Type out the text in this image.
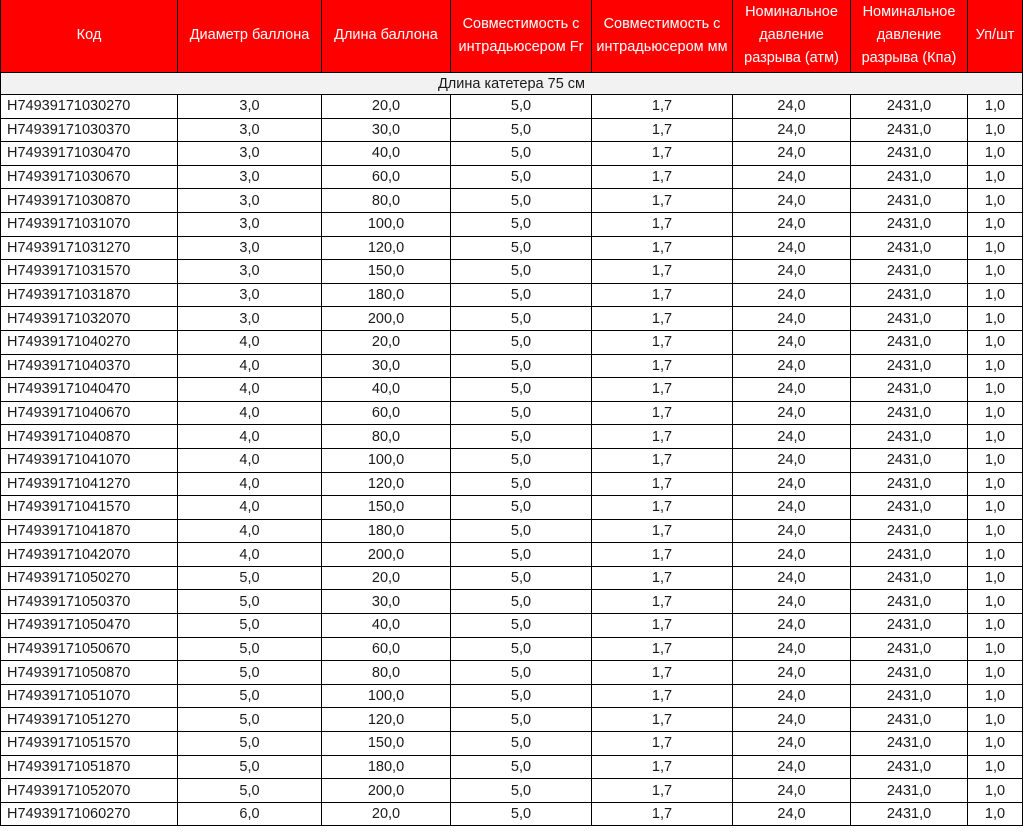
Код	Диаметр баллона	Длина баллона	Совместимость с интрадьюсером Fr	Совместимость с интрадьюсером мм	Номинальное давление разрыва (атм)	Номинальное давление разрыва (Кпа)	Уп/шт
Длина катетера 75 см							
H74939171030270	3,0	20,0	5,0	1,7	24,0	2431,0	1,0
H74939171030370	3,0	30,0	5,0	1,7	24,0	2431,0	1,0
H74939171030470	3,0	40,0	5,0	1,7	24,0	2431,0	1,0
H74939171030670	3,0	60,0	5,0	1,7	24,0	2431,0	1,0
H74939171030870	3,0	80,0	5,0	1,7	24,0	2431,0	1,0
H74939171031070	3,0	100,0	5,0	1,7	24,0	2431,0	1,0
H74939171031270	3,0	120,0	5,0	1,7	24,0	2431,0	1,0
H74939171031570	3,0	150,0	5,0	1,7	24,0	2431,0	1,0
H74939171031870	3,0	180,0	5,0	1,7	24,0	2431,0	1,0
H74939171032070	3,0	200,0	5,0	1,7	24,0	2431,0	1,0
H74939171040270	4,0	20,0	5,0	1,7	24,0	2431,0	1,0
H74939171040370	4,0	30,0	5,0	1,7	24,0	2431,0	1,0
H74939171040470	4,0	40,0	5,0	1,7	24,0	2431,0	1,0
H74939171040670	4,0	60,0	5,0	1,7	24,0	2431,0	1,0
H74939171040870	4,0	80,0	5,0	1,7	24,0	2431,0	1,0
H74939171041070	4,0	100,0	5,0	1,7	24,0	2431,0	1,0
H74939171041270	4,0	120,0	5,0	1,7	24,0	2431,0	1,0
H74939171041570	4,0	150,0	5,0	1,7	24,0	2431,0	1,0
H74939171041870	4,0	180,0	5,0	1,7	24,0	2431,0	1,0
H74939171042070	4,0	200,0	5,0	1,7	24,0	2431,0	1,0
H74939171050270	5,0	20,0	5,0	1,7	24,0	2431,0	1,0
H74939171050370	5,0	30,0	5,0	1,7	24,0	2431,0	1,0
H74939171050470	5,0	40,0	5,0	1,7	24,0	2431,0	1,0
H74939171050670	5,0	60,0	5,0	1,7	24,0	2431,0	1,0
H74939171050870	5,0	80,0	5,0	1,7	24,0	2431,0	1,0
H74939171051070	5,0	100,0	5,0	1,7	24,0	2431,0	1,0
H74939171051270	5,0	120,0	5,0	1,7	24,0	2431,0	1,0
H74939171051570	5,0	150,0	5,0	1,7	24,0	2431,0	1,0
H74939171051870	5,0	180,0	5,0	1,7	24,0	2431,0	1,0
H74939171052070	5,0	200,0	5,0	1,7	24,0	2431,0	1,0
H74939171060270	6,0	20,0	5,0	1,7	24,0	2431,0	1,0
